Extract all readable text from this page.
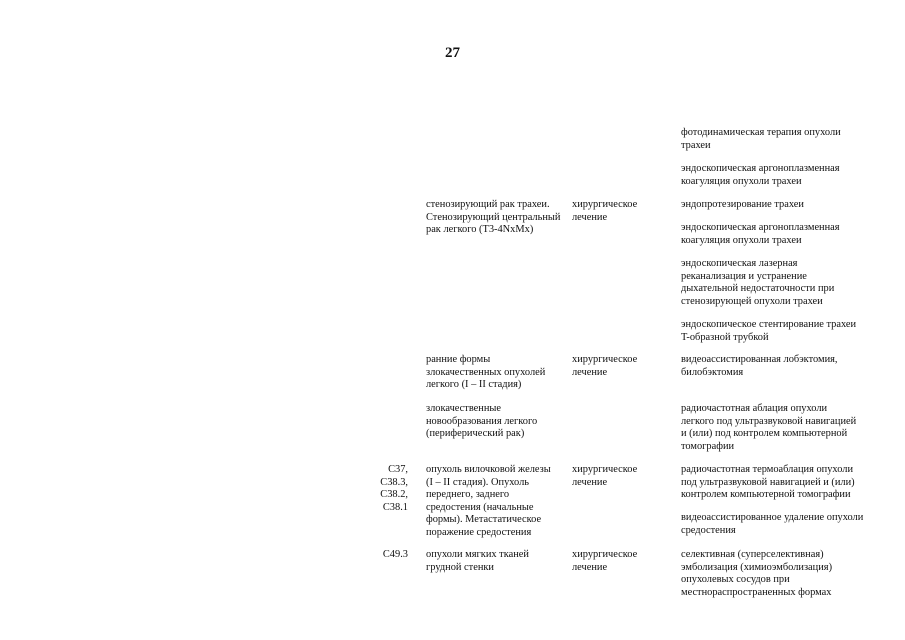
27
фотодинамическая терапия опухоли
трахеи
эндоскопическая аргоноплазменная
коагуляция опухоли трахеи
стенозирующий рак трахеи.
Стенозирующий центральный
рак легкого (T3-4NxMx)
хирургическое
лечение
эндопротезирование трахеи
эндоскопическая аргоноплазменная
коагуляция опухоли трахеи
эндоскопическая лазерная
реканализация и устранение
дыхательной недостаточности при
стенозирующей опухоли трахеи
эндоскопическое стентирование трахеи
T-образной трубкой
ранние формы
злокачественных опухолей
легкого (I – II стадия)
хирургическое
лечение
видеоассистированная лобэктомия,
билобэктомия
злокачественные
новообразования легкого
(периферический рак)
радиочастотная аблация опухоли
легкого под ультразвуковой навигацией
и (или) под контролем компьютерной
томографии
C37,
C38.3,
C38.2,
C38.1
опухоль вилочковой железы
(I – II стадия). Опухоль
переднего, заднего
средостения (начальные
формы). Метастатическое
поражение средостения
хирургическое
лечение
радиочастотная термоаблация опухоли
под ультразвуковой навигацией и (или)
контролем компьютерной томографии
видеоассистированное удаление опухоли
средостения
C49.3 опухоли мягких тканей
грудной стенки
хирургическое
лечение
селективная (суперселективная)
эмболизация (химиоэмболизация)
опухолевых сосудов при
местнораспространенных формах
